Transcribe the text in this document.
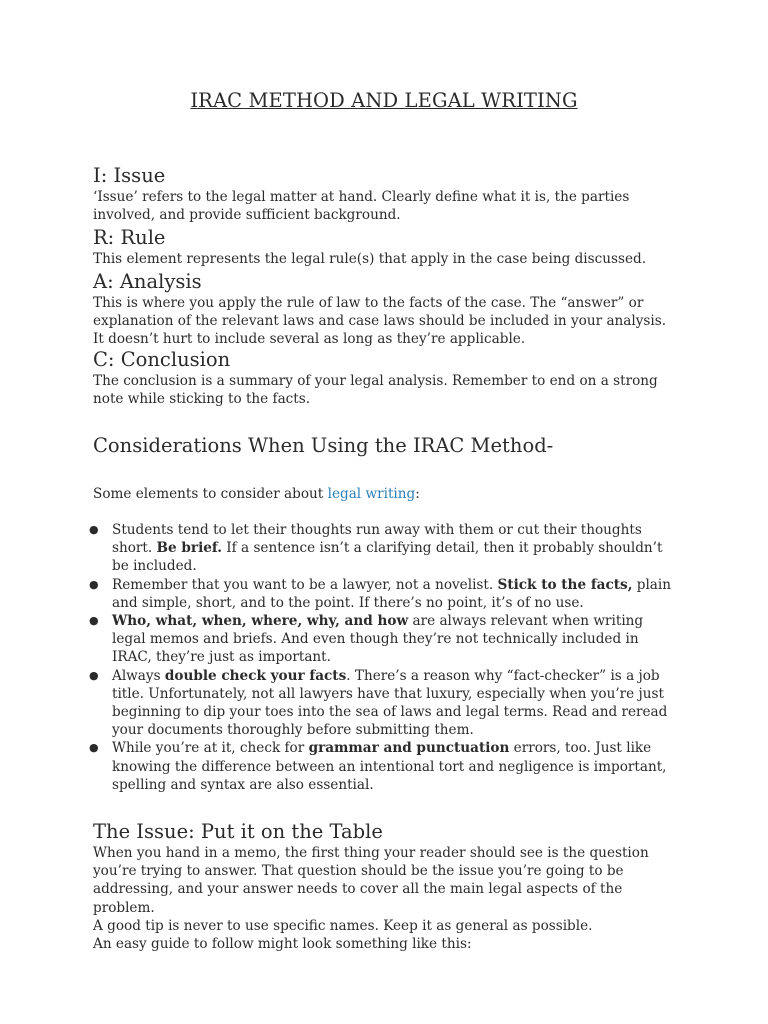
IRAC METHOD AND LEGAL WRITING
I: Issue

‘Issue’ refers to the legal matter at hand. Clearly define what it is, the parties involved, and provide sufficient background.

R: Rule

This element represents the legal rule(s) that apply in the case being discussed.

A: Analysis

This is where you apply the rule of law to the facts of the case. The “answer” or explanation of the relevant laws and case laws should be included in your analysis. It doesn’t hurt to include several as long as they’re applicable.

C: Conclusion

The conclusion is a summary of your legal analysis. Remember to end on a strong note while sticking to the facts.

Considerations When Using the IRAC Method-

Some elements to consider about legal writing:

● Students tend to let their thoughts run away with them or cut their thoughts short. Be brief. If a sentence isn’t a clarifying detail, then it probably shouldn’t be included.
● Remember that you want to be a lawyer, not a novelist. Stick to the facts, plain and simple, short, and to the point. If there’s no point, it’s of no use.
● Who, what, when, where, why, and how are always relevant when writing legal memos and briefs. And even though they’re not technically included in IRAC, they’re just as important.
● Always double check your facts. There’s a reason why “fact-checker” is a job title. Unfortunately, not all lawyers have that luxury, especially when you’re just beginning to dip your toes into the sea of laws and legal terms. Read and reread your documents thoroughly before submitting them.
● While you’re at it, check for grammar and punctuation errors, too. Just like knowing the difference between an intentional tort and negligence is important, spelling and syntax are also essential.
The Issue: Put it on the Table

When you hand in a memo, the first thing your reader should see is the question you’re trying to answer. That question should be the issue you’re going to be addressing, and your answer needs to cover all the main legal aspects of the problem.

A good tip is never to use specific names. Keep it as general as possible.

An easy guide to follow might look something like this:
